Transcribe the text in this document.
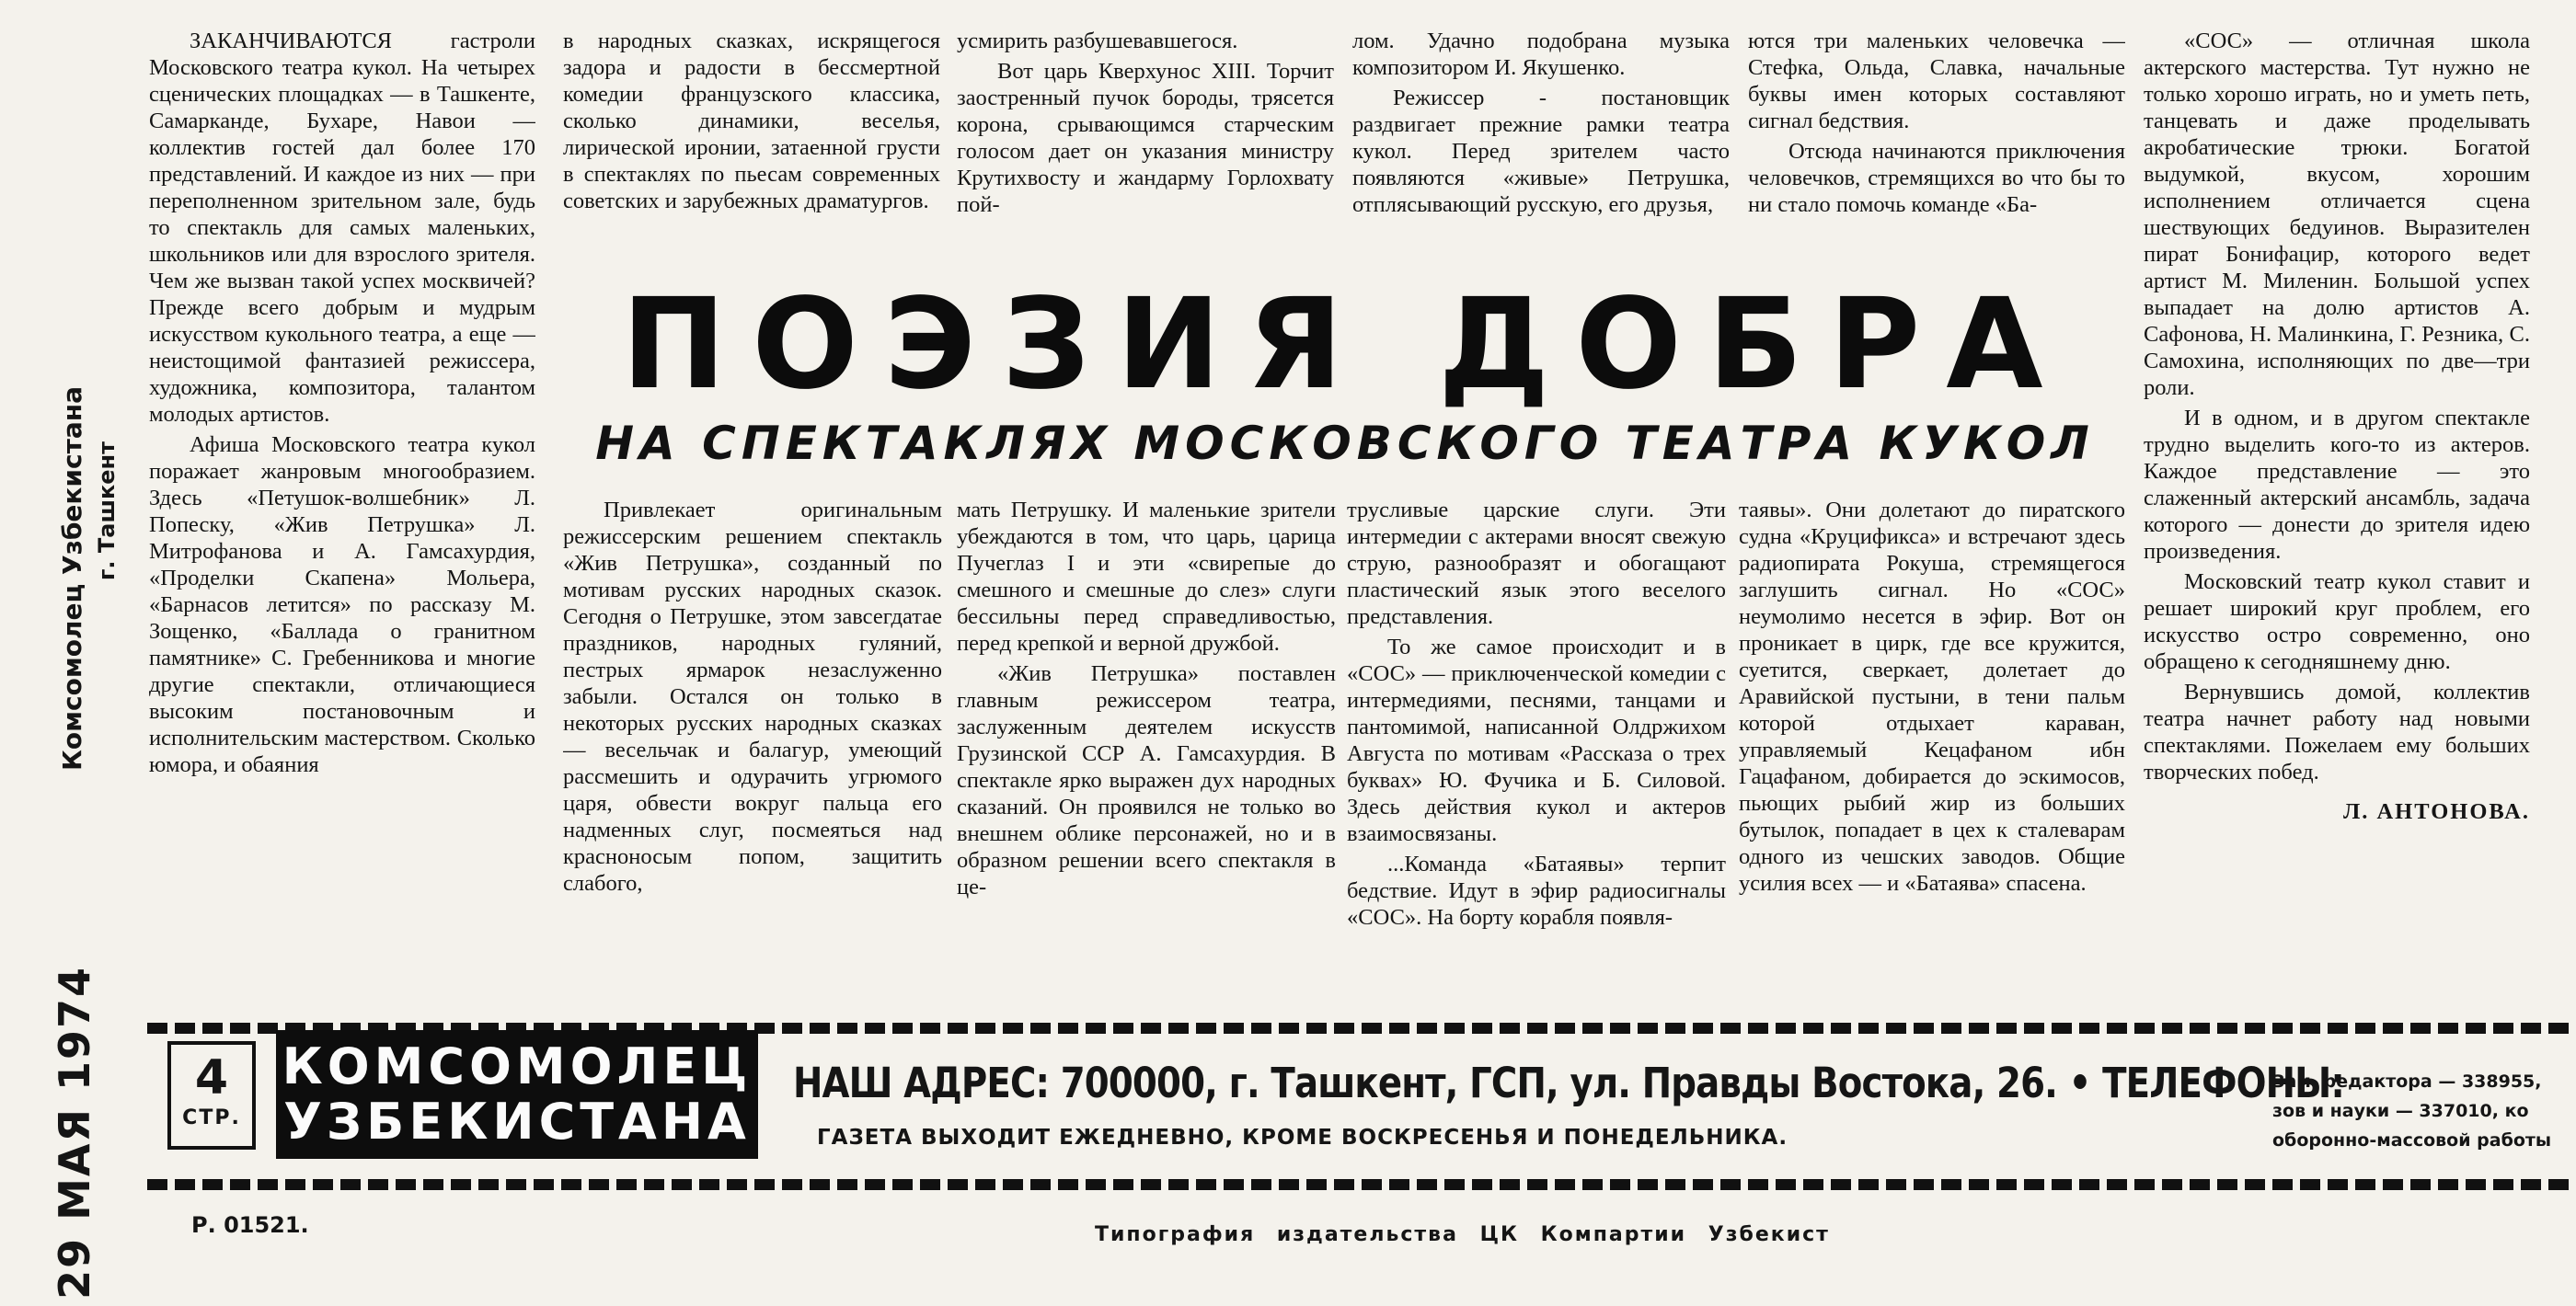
ЗАКАНЧИВАЮТСЯ гастроли Московского театра кукол. На четырех сценических площадках — в Ташкенте, Самарканде, Бухаре, Навои — коллектив гостей дал более 170 представлений. И каждое из них — при переполненном зрительном зале, будь то спектакль для самых маленьких, школьников или для взрослого зрителя. Чем же вызван такой успех москвичей? Прежде всего добрым и мудрым искусством кукольного театра, а еще — неистощимой фантазией режиссера, художника, композитора, талантом молодых артистов.

Афиша Московского театра кукол поражает жанровым многообразием. Здесь «Петушок-волшебник» Л. Попеску, «Жив Петрушка» Л. Митрофанова и А. Гамсахурдия, «Проделки Скапена» Мольера, «Барнасов летится» по рассказу М. Зощенко, «Баллада о гранитном памятнике» С. Гребенникова и многие другие спектакли, отличающиеся высоким постановочным и исполнительским мастерством. Сколько юмора, и обаяния

в народных сказках, искрящегося задора и радости в бессмертной комедии французского классика, сколько динамики, веселья, лирической иронии, затаенной грусти в спектаклях по пьесам современных советских и зарубежных драматургов.

усмирить разбушевавшегося.

Вот царь Кверхунос XIII. Торчит заостренный пучок бороды, трясется корона, срывающимся старческим голосом дает он указания министру Крутихвосту и жандарму Горлохвату пой-

лом. Удачно подобрана музыка композитором И. Якушенко.

Режиссер - постановщик раздвигает прежние рамки театра кукол. Перед зрителем часто появляются «живые» Петрушка, отплясывающий русскую, его друзья,

ются три маленьких человечка — Стефка, Ольда, Славка, начальные буквы имен которых составляют сигнал бедствия.

Отсюда начинаются приключения человечков, стремящихся во что бы то ни стало помочь команде «Ба-

«СОС» — отличная школа актерского мастерства. Тут нужно не только хорошо играть, но и уметь петь, танцевать и даже проделывать акробатические трюки. Богатой выдумкой, вкусом, хорошим исполнением отличается сцена шествующих бедуинов. Выразителен пират Бонифацир, которого ведет артист М. Миленин. Большой успех выпадает на долю артистов А. Сафонова, Н. Малинкина, Г. Резника, С. Самохина, исполняющих по две—три роли.

И в одном, и в другом спектакле трудно выделить кого-то из актеров. Каждое представление — это слаженный актерский ансамбль, задача которого — донести до зрителя идею произведения.

Московский театр кукол ставит и решает широкий круг проблем, его искусство остро современно, оно обращено к сегодняшнему дню.

Вернувшись домой, коллектив театра начнет работу над новыми спектаклями. Пожелаем ему больших творческих побед.

Л. АНТОНОВА.

ПОЭЗИЯ ДОБРА
НА СПЕКТАКЛЯХ МОСКОВСКОГО ТЕАТРА КУКОЛ

Привлекает оригинальным режиссерским решением спектакль «Жив Петрушка», созданный по мотивам русских народных сказок. Сегодня о Петрушке, этом завсегдатае праздников, народных гуляний, пестрых ярмарок незаслуженно забыли. Остался он только в некоторых русских народных сказках — весельчак и балагур, умеющий рассмешить и одурачить угрюмого царя, обвести вокруг пальца его надменных слуг, посмеяться над красноносым попом, защитить слабого,

мать Петрушку. И маленькие зрители убеждаются в том, что царь, царица Пучеглаз I и эти «свирепые до смешного и смешные до слез» слуги бессильны перед справедливостью, перед крепкой и верной дружбой.

«Жив Петрушка» поставлен главным режиссером театра, заслуженным деятелем искусств Грузинской ССР А. Гамсахурдия. В спектакле ярко выражен дух народных сказаний. Он проявился не только во внешнем облике персонажей, но и в образном решении всего спектакля в це-

трусливые царские слуги. Эти интермедии с актерами вносят свежую струю, разнообразят и обогащают пластический язык этого веселого представления.

То же самое происходит и в «СОС» — приключенческой комедии с интермедиями, песнями, танцами и пантомимой, написанной Олдржихом Августа по мотивам «Рассказа о трех буквах» Ю. Фучика и Б. Силовой. Здесь действия кукол и актеров взаимосвязаны.

...Команда «Батаявы» терпит бедствие. Идут в эфир радиосигналы «СОС». На борту корабля появля-

таявы». Они долетают до пиратского судна «Круцификса» и встречают здесь радиопирата Рокуша, стремящегося заглушить сигнал. Но «СОС» неумолимо несется в эфир. Вот он проникает в цирк, где все кружится, суетится, сверкает, долетает до Аравийской пустыни, в тени пальм которой отдыхает караван, управляемый Кецафаном ибн Гацафаном, добирается до эскимосов, пьющих рыбий жир из больших бутылок, попадает в цех к сталеварам одного из чешских заводов. Общие усилия всех — и «Батаява» спасена.

Комсомолец Узбекистана г. Ташкент
29 МАЯ 1974	4
СТР.
КОМСОМОЛЕЦ
УЗБЕКИСТАНА
НАШ АДРЕС: 700000, г. Ташкент, ГСП, ул. Правды Востока, 26. • ТЕЛЕФОНЫ:
ГАЗЕТА ВЫХОДИТ ЕЖЕДНЕВНО, КРОМЕ ВОСКРЕСЕНЬЯ И ПОНЕДЕЛЬНИКА.
Зам. редактора — 338955,
зов и науки — 337010, ко
оборонно-массовой работы
Р. 01521.	Типография издательства ЦК Компартии Узбекист
